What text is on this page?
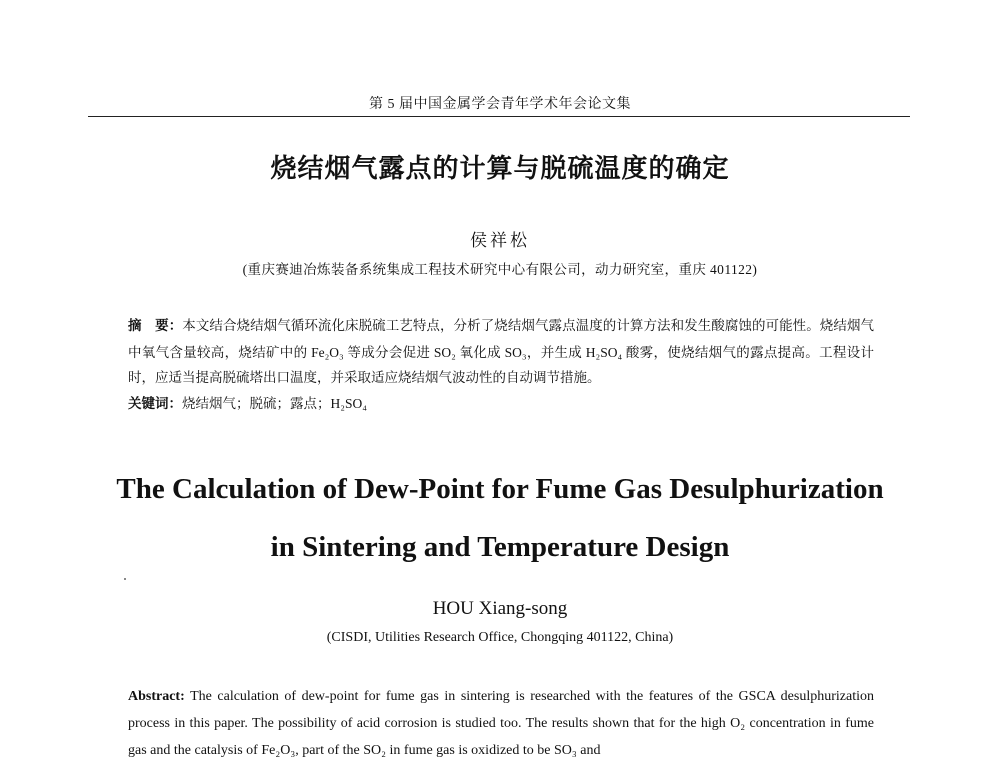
第 5 届中国金属学会青年学术年会论文集
烧结烟气露点的计算与脱硫温度的确定
侯祥松
(重庆赛迪冶炼装备系统集成工程技术研究中心有限公司，动力研究室，重庆 401122)

摘　要：本文结合烧结烟气循环流化床脱硫工艺特点，分析了烧结烟气露点温度的计算方法和发生酸腐蚀的可能性。烧结烟气中氧气含量较高，烧结矿中的 Fe₂O₃ 等成分会促进 SO₂ 氧化成 SO₃，并生成 H₂SO₄ 酸雾，使烧结烟气的露点提高。工程设计时，应适当提高脱硫塔出口温度，并采取适应烧结烟气波动性的自动调节措施。

关键词：烧结烟气；脱硫；露点；H₂SO₄

The Calculation of Dew-Point for Fume Gas Desulphurization
in Sintering and Temperature Design
HOU Xiang-song
(CISDI, Utilities Research Office, Chongqing 401122, China)

Abstract: The calculation of dew-point for fume gas in sintering is researched with the features of the GSCA desulphurization process in this paper. The possibility of acid corrosion is studied too. The results shown that for the high O₂ concentration in fume gas and the catalysis of Fe₂O₃, part of the SO₂ in fume gas is oxidized to be SO₃ and
